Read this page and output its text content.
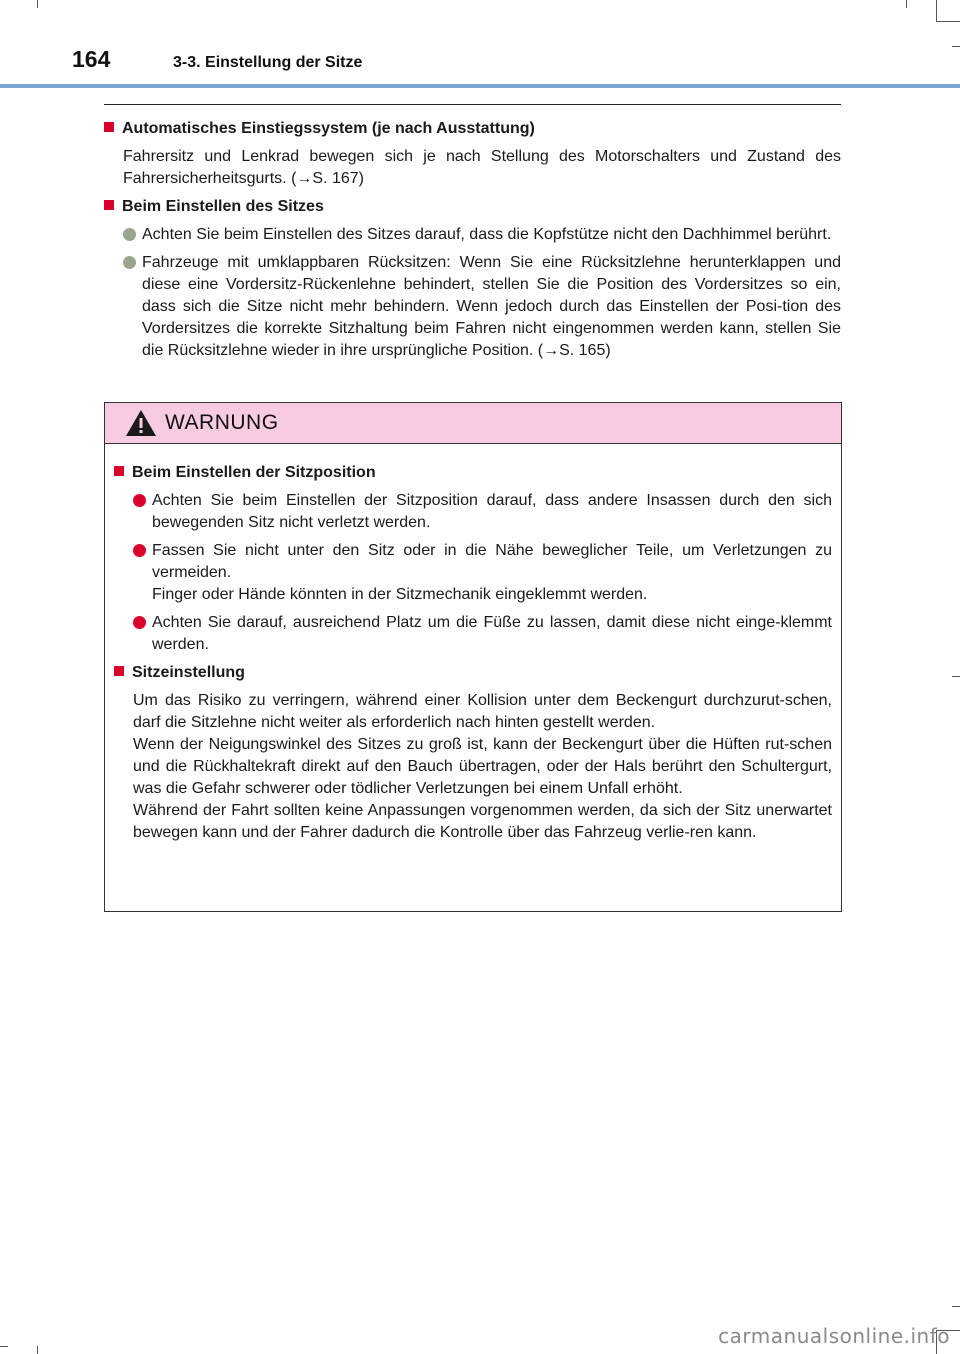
164	3-3. Einstellung der Sitze
Automatisches Einstiegssystem (je nach Ausstattung)

Fahrersitz und Lenkrad bewegen sich je nach Stellung des Motorschalters und Zustand des Fahrersicherheitsgurts. (→S. 167)

Beim Einstellen des Sitzes
Achten Sie beim Einstellen des Sitzes darauf, dass die Kopfstütze nicht den Dachhimmel berührt.
Fahrzeuge mit umklappbaren Rücksitzen: Wenn Sie eine Rücksitzlehne herunterklappen und diese eine Vordersitz-Rückenlehne behindert, stellen Sie die Position des Vordersitzes so ein, dass sich die Sitze nicht mehr behindern. Wenn jedoch durch das Einstellen der Posi-tion des Vordersitzes die korrekte Sitzhaltung beim Fahren nicht eingenommen werden kann, stellen Sie die Rücksitzlehne wieder in ihre ursprüngliche Position. (→S. 165)
WARNUNG
Beim Einstellen der Sitzposition
Achten Sie beim Einstellen der Sitzposition darauf, dass andere Insassen durch den sich bewegenden Sitz nicht verletzt werden.
Fassen Sie nicht unter den Sitz oder in die Nähe beweglicher Teile, um Verletzungen zu vermeiden.
Finger oder Hände könnten in der Sitzmechanik eingeklemmt werden.
Achten Sie darauf, ausreichend Platz um die Füße zu lassen, damit diese nicht einge-klemmt werden.
Sitzeinstellung

Um das Risiko zu verringern, während einer Kollision unter dem Beckengurt durchzurut-schen, darf die Sitzlehne nicht weiter als erforderlich nach hinten gestellt werden.

Wenn der Neigungswinkel des Sitzes zu groß ist, kann der Beckengurt über die Hüften rut-schen und die Rückhaltekraft direkt auf den Bauch übertragen, oder der Hals berührt den Schultergurt, was die Gefahr schwerer oder tödlicher Verletzungen bei einem Unfall erhöht.

Während der Fahrt sollten keine Anpassungen vorgenommen werden, da sich der Sitz unerwartet bewegen kann und der Fahrer dadurch die Kontrolle über das Fahrzeug verlie-ren kann.

carmanualsonline.info
